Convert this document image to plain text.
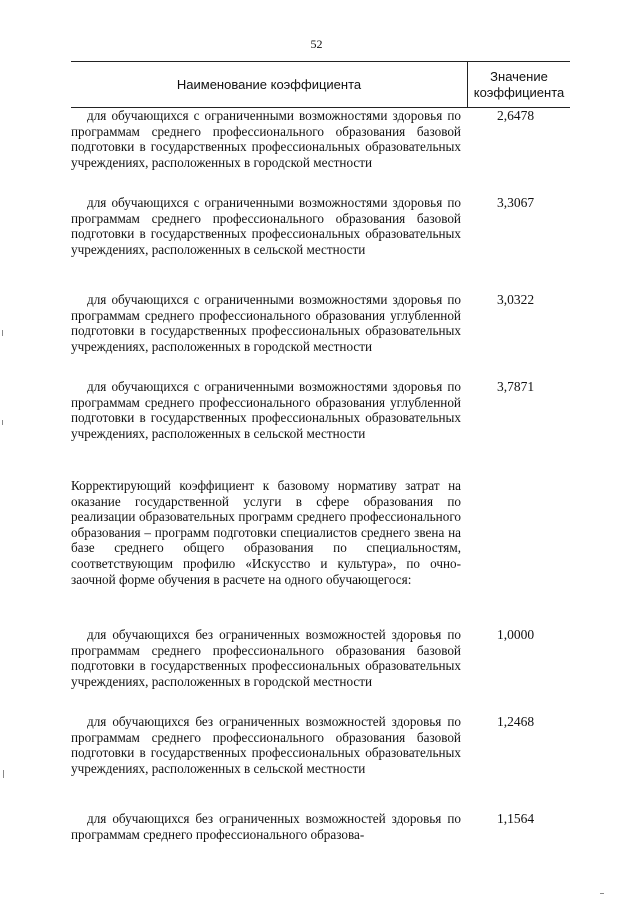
52
Наименование коэффициента
Значение коэффициента
для обучающихся с ограниченными возможностями здоровья по программам среднего профессионального образования базовой подготовки в государственных профессиональных образовательных учреждениях, расположенных в городской местности
2,6478
для обучающихся с ограниченными возможностями здоровья по программам среднего профессионального образования базовой подготовки в государственных профессиональных образовательных учреждениях, расположенных в сельской местности
3,3067
для обучающихся с ограниченными возможностями здоровья по программам среднего профессионального образования углубленной подготовки в государственных профессиональных образовательных учреждениях, расположенных в городской местности
3,0322
для обучающихся с ограниченными возможностями здоровья по программам среднего профессионального образования углубленной подготовки в государственных профессиональных образовательных учреждениях, расположенных в сельской местности
3,7871
Корректирующий коэффициент к базовому нормативу затрат на оказание государственной услуги в сфере образования по реализации образовательных программ среднего профессионального образования – программ подготовки специалистов среднего звена на базе среднего общего образования по специальностям, соответствующим профилю «Искусство и культура», по очно-заочной форме обучения в расчете на одного обучающегося:
для обучающихся без ограниченных возможностей здоровья по программам среднего профессионального образования базовой подготовки в государственных профессиональных образовательных учреждениях, расположенных в городской местности
1,0000
для обучающихся без ограниченных возможностей здоровья по программам среднего профессионального образования базовой подготовки в государственных профессиональных образовательных учреждениях, расположенных в сельской местности
1,2468
для обучающихся без ограниченных возможностей здоровья по программам среднего профессионального образова-
1,1564
